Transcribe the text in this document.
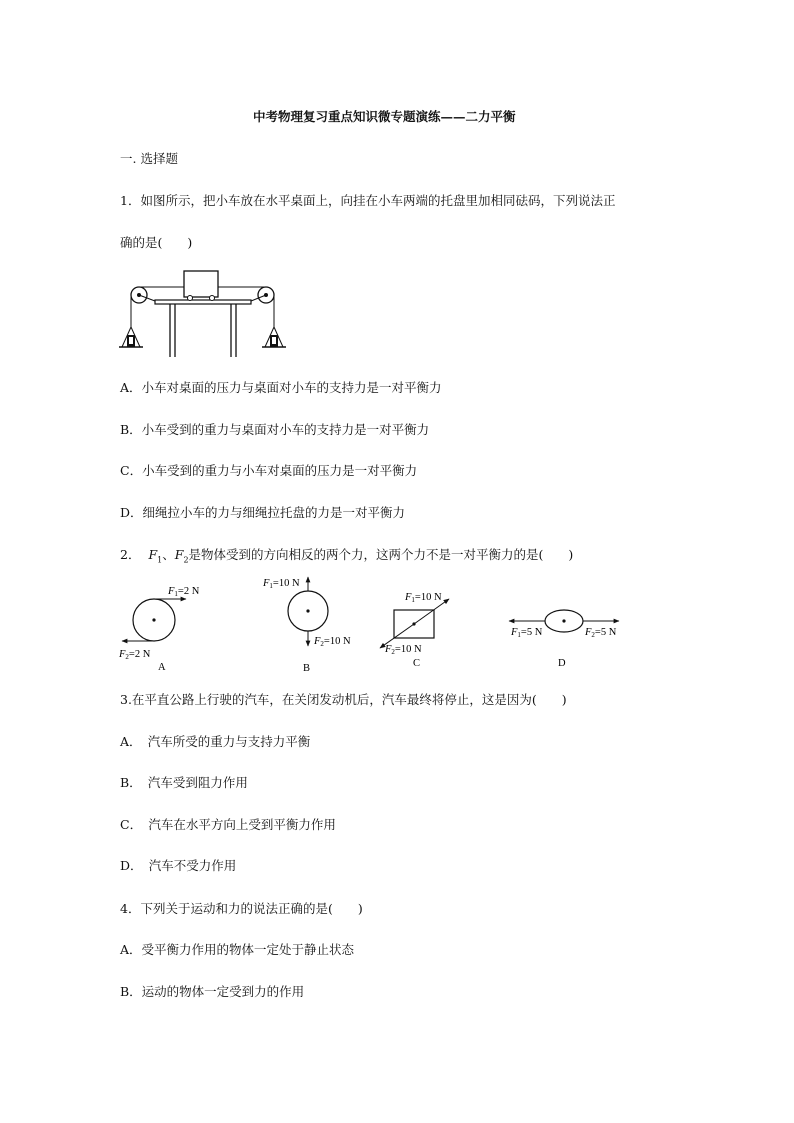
中考物理复习重点知识微专题演练——二力平衡
一. 选择题
1．如图所示，把小车放在水平桌面上，向挂在小车两端的托盘里加相同砝码，下列说法正
确的是(　　)
A．小车对桌面的压力与桌面对小车的支持力是一对平衡力
B．小车受到的重力与桌面对小车的支持力是一对平衡力
C．小车受到的重力与小车对桌面的压力是一对平衡力
D．细绳拉小车的力与细绳拉托盘的力是一对平衡力
2． $F_1$、$F_2$是物体受到的方向相反的两个力，这两个力不是一对平衡力的是(　　)
F1=2 N
F2=2 N
A
F1=10 N
F2=10 N
B
F1=10 N
F2=10 N
C
F1=5 N	F2=5 N
D
3.在平直公路上行驶的汽车，在关闭发动机后，汽车最终将停止，这是因为(　　)
A．　汽车所受的重力与支持力平衡
B．　汽车受到阻力作用
C．　汽车在水平方向上受到平衡力作用
D．　汽车不受力作用
4．下列关于运动和力的说法正确的是(　　)
A．受平衡力作用的物体一定处于静止状态
B．运动的物体一定受到力的作用
